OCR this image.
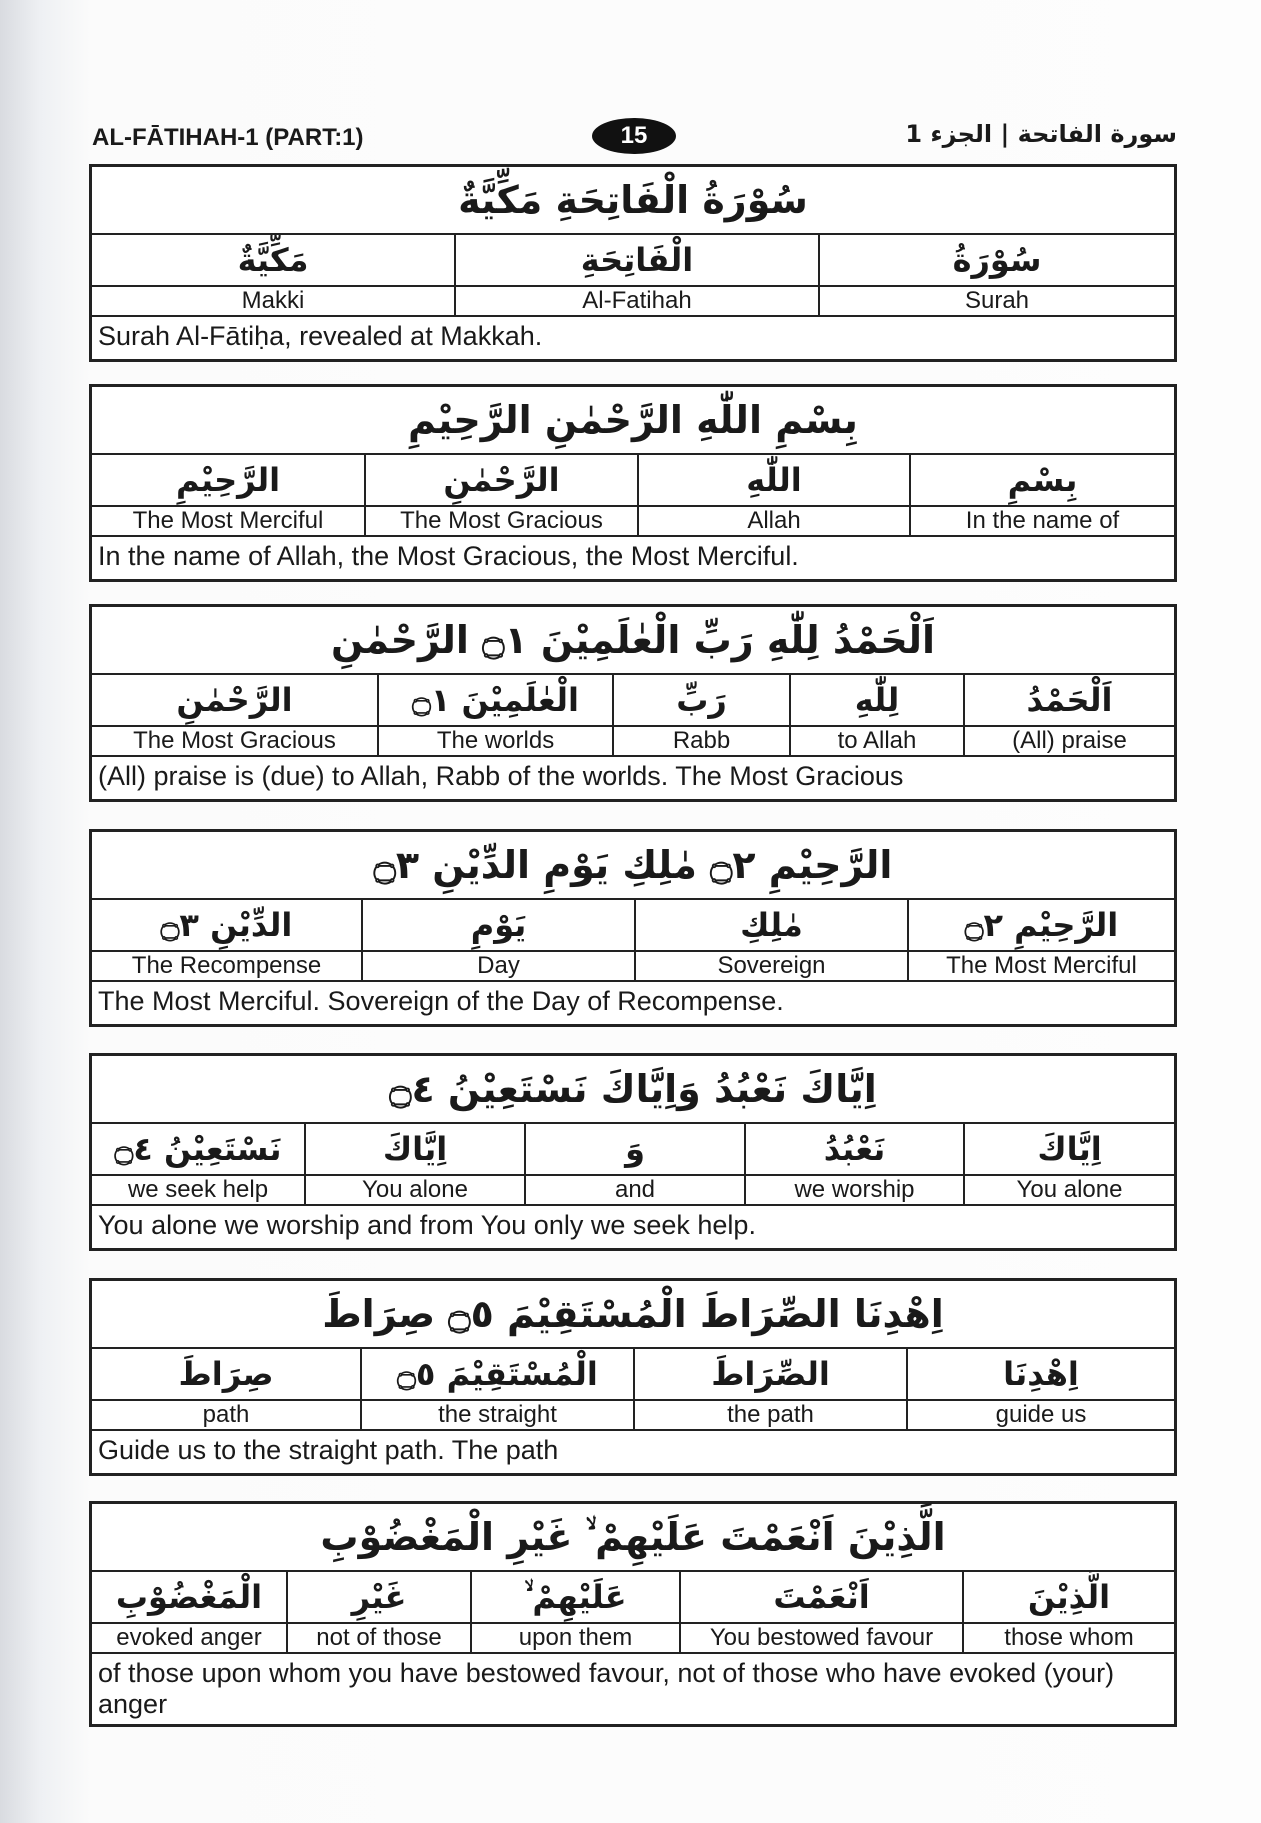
AL-FĀTIHAH-1 (PART:1)	15	سورة الفاتحة | الجزء 1
سُوْرَةُ الْفَاتِحَةِ مَكِّيَّةٌ
مَكِّيَّةٌ	الْفَاتِحَةِ	سُوْرَةُ
Makki	Al-Fatihah	Surah
Surah Al-Fātiḥa, revealed at Makkah.
بِسْمِ اللّٰهِ الرَّحْمٰنِ الرَّحِيْمِ
الرَّحِيْمِ	الرَّحْمٰنِ	اللّٰهِ	بِسْمِ
The Most Merciful	The Most Gracious	Allah	In the name of
In the name of Allah, the Most Gracious, the Most Merciful.
اَلْحَمْدُ لِلّٰهِ رَبِّ الْعٰلَمِيْنَ ۝١ الرَّحْمٰنِ
الرَّحْمٰنِ	الْعٰلَمِيْنَ ۝١	رَبِّ	لِلّٰهِ	اَلْحَمْدُ
The Most Gracious	The worlds	Rabb	to Allah	(All) praise
(All) praise is (due) to Allah, Rabb of the worlds. The Most Gracious
الرَّحِيْمِ ۝٢ مٰلِكِ يَوْمِ الدِّيْنِ ۝٣
الدِّيْنِ ۝٣	يَوْمِ	مٰلِكِ	الرَّحِيْمِ ۝٢
The Recompense	Day	Sovereign	The Most Merciful
The Most Merciful. Sovereign of the Day of Recompense.
اِيَّاكَ نَعْبُدُ وَاِيَّاكَ نَسْتَعِيْنُ ۝٤
نَسْتَعِيْنُ ۝٤	اِيَّاكَ	وَ	نَعْبُدُ	اِيَّاكَ
we seek help	You alone	and	we worship	You alone
You alone we worship and from You only we seek help.
اِهْدِنَا الصِّرَاطَ الْمُسْتَقِيْمَ ۝٥ صِرَاطَ
صِرَاطَ	الْمُسْتَقِيْمَ ۝٥	الصِّرَاطَ	اِهْدِنَا
path	the straight	the path	guide us
Guide us to the straight path. The path
الَّذِيْنَ اَنْعَمْتَ عَلَيْهِمْ ۙ غَيْرِ الْمَغْضُوْبِ
الْمَغْضُوْبِ	غَيْرِ	عَلَيْهِمْ ۙ	اَنْعَمْتَ	الَّذِيْنَ
evoked anger	not of those	upon them	You bestowed favour	those whom
of those upon whom you have bestowed favour, not of those who have evoked (your) anger
